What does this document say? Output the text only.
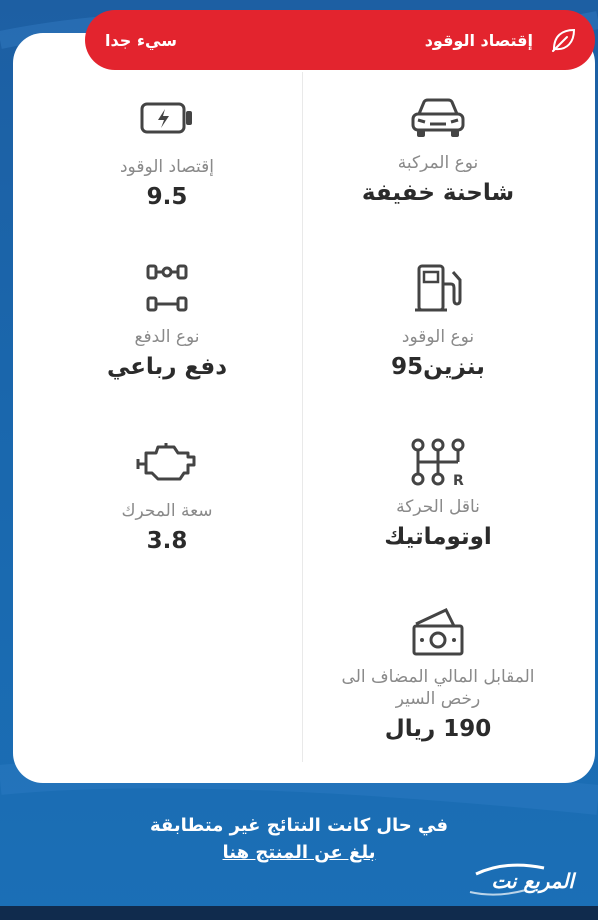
إقتصاد الوقود
سيء جدا
نوع المركبة
شاحنة خفيفة
نوع الوقود
بنزين95
R
ناقل الحركة
اوتوماتيك
المقابل المالي المضاف الى رخص السير
190 ريال
إقتصاد الوقود
9.5
نوع الدفع
دفع رباعي
سعة المحرك
3.8
في حال كانت النتائج غير متطابقة
بلغ عن المنتج هنا
المربع نت
